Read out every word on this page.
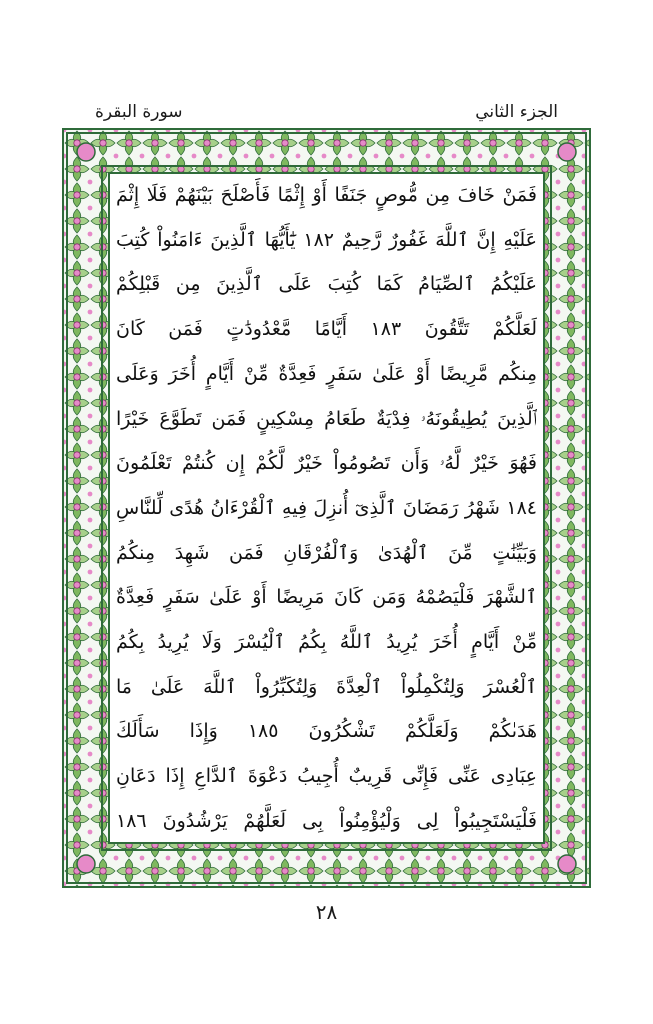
الجزء الثاني
سورة البقرة
فَمَنْ خَافَ مِن مُّوصٍ جَنَفًا أَوْ إِثْمًا فَأَصْلَحَ بَيْنَهُمْ فَلَا إِثْمَ
عَلَيْهِ إِنَّ ٱللَّهَ غَفُورٌ رَّحِيمٌ ١٨٢ يَٰٓأَيُّهَا ٱلَّذِينَ ءَامَنُواْ كُتِبَ
عَلَيْكُمُ ٱلصِّيَامُ كَمَا كُتِبَ عَلَى ٱلَّذِينَ مِن قَبْلِكُمْ
لَعَلَّكُمْ تَتَّقُونَ ١٨٣ أَيَّامًا مَّعْدُودَٰتٍ فَمَن كَانَ
مِنكُم مَّرِيضًا أَوْ عَلَىٰ سَفَرٍ فَعِدَّةٌ مِّنْ أَيَّامٍ أُخَرَ وَعَلَى
ٱلَّذِينَ يُطِيقُونَهُۥ فِدْيَةٌ طَعَامُ مِسْكِينٍ فَمَن تَطَوَّعَ خَيْرًا
فَهُوَ خَيْرٌ لَّهُۥ وَأَن تَصُومُواْ خَيْرٌ لَّكُمْ إِن كُنتُمْ تَعْلَمُونَ
١٨٤ شَهْرُ رَمَضَانَ ٱلَّذِىٓ أُنزِلَ فِيهِ ٱلْقُرْءَانُ هُدًى لِّلنَّاسِ
وَبَيِّنَٰتٍ مِّنَ ٱلْهُدَىٰ وَٱلْفُرْقَانِ فَمَن شَهِدَ مِنكُمُ
ٱلشَّهْرَ فَلْيَصُمْهُ وَمَن كَانَ مَرِيضًا أَوْ عَلَىٰ سَفَرٍ فَعِدَّةٌ
مِّنْ أَيَّامٍ أُخَرَ يُرِيدُ ٱللَّهُ بِكُمُ ٱلْيُسْرَ وَلَا يُرِيدُ بِكُمُ
ٱلْعُسْرَ وَلِتُكْمِلُواْ ٱلْعِدَّةَ وَلِتُكَبِّرُواْ ٱللَّهَ عَلَىٰ مَا
هَدَىٰكُمْ وَلَعَلَّكُمْ تَشْكُرُونَ ١٨٥ وَإِذَا سَأَلَكَ
عِبَادِى عَنِّى فَإِنِّى قَرِيبٌ أُجِيبُ دَعْوَةَ ٱلدَّاعِ إِذَا دَعَانِ
فَلْيَسْتَجِيبُواْ لِى وَلْيُؤْمِنُواْ بِى لَعَلَّهُمْ يَرْشُدُونَ ١٨٦
٢٨
